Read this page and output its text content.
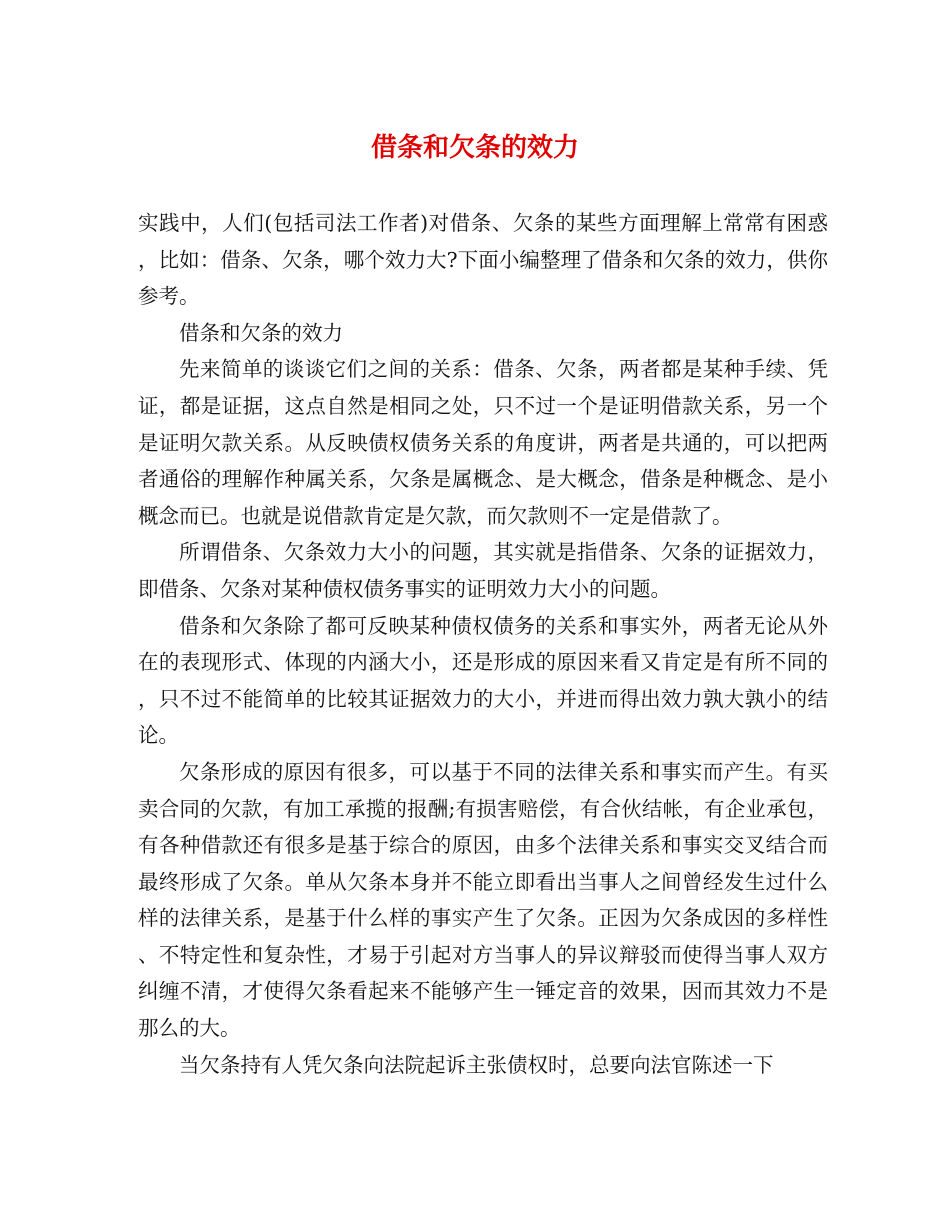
借条和欠条的效力

实践中，人们(包括司法工作者)对借条、欠条的某些方面理解上常常有困惑，比如：借条、欠条，哪个效力大?下面小编整理了借条和欠条的效力，供你参考。

借条和欠条的效力

先来简单的谈谈它们之间的关系：借条、欠条，两者都是某种手续、凭证，都是证据，这点自然是相同之处，只不过一个是证明借款关系，另一个是证明欠款关系。从反映债权债务关系的角度讲，两者是共通的，可以把两者通俗的理解作种属关系，欠条是属概念、是大概念，借条是种概念、是小概念而已。也就是说借款肯定是欠款，而欠款则不一定是借款了。

所谓借条、欠条效力大小的问题，其实就是指借条、欠条的证据效力，即借条、欠条对某种债权债务事实的证明效力大小的问题。

借条和欠条除了都可反映某种债权债务的关系和事实外，两者无论从外在的表现形式、体现的内涵大小，还是形成的原因来看又肯定是有所不同的，只不过不能简单的比较其证据效力的大小，并进而得出效力孰大孰小的结论。

欠条形成的原因有很多，可以基于不同的法律关系和事实而产生。有买卖合同的欠款，有加工承揽的报酬;有损害赔偿，有合伙结帐，有企业承包，有各种借款还有很多是基于综合的原因，由多个法律关系和事实交叉结合而最终形成了欠条。单从欠条本身并不能立即看出当事人之间曾经发生过什么样的法律关系，是基于什么样的事实产生了欠条。正因为欠条成因的多样性、不特定性和复杂性，才易于引起对方当事人的异议辩驳而使得当事人双方纠缠不清，才使得欠条看起来不能够产生一锤定音的效果，因而其效力不是那么的大。

当欠条持有人凭欠条向法院起诉主张债权时，总要向法官陈述一下
